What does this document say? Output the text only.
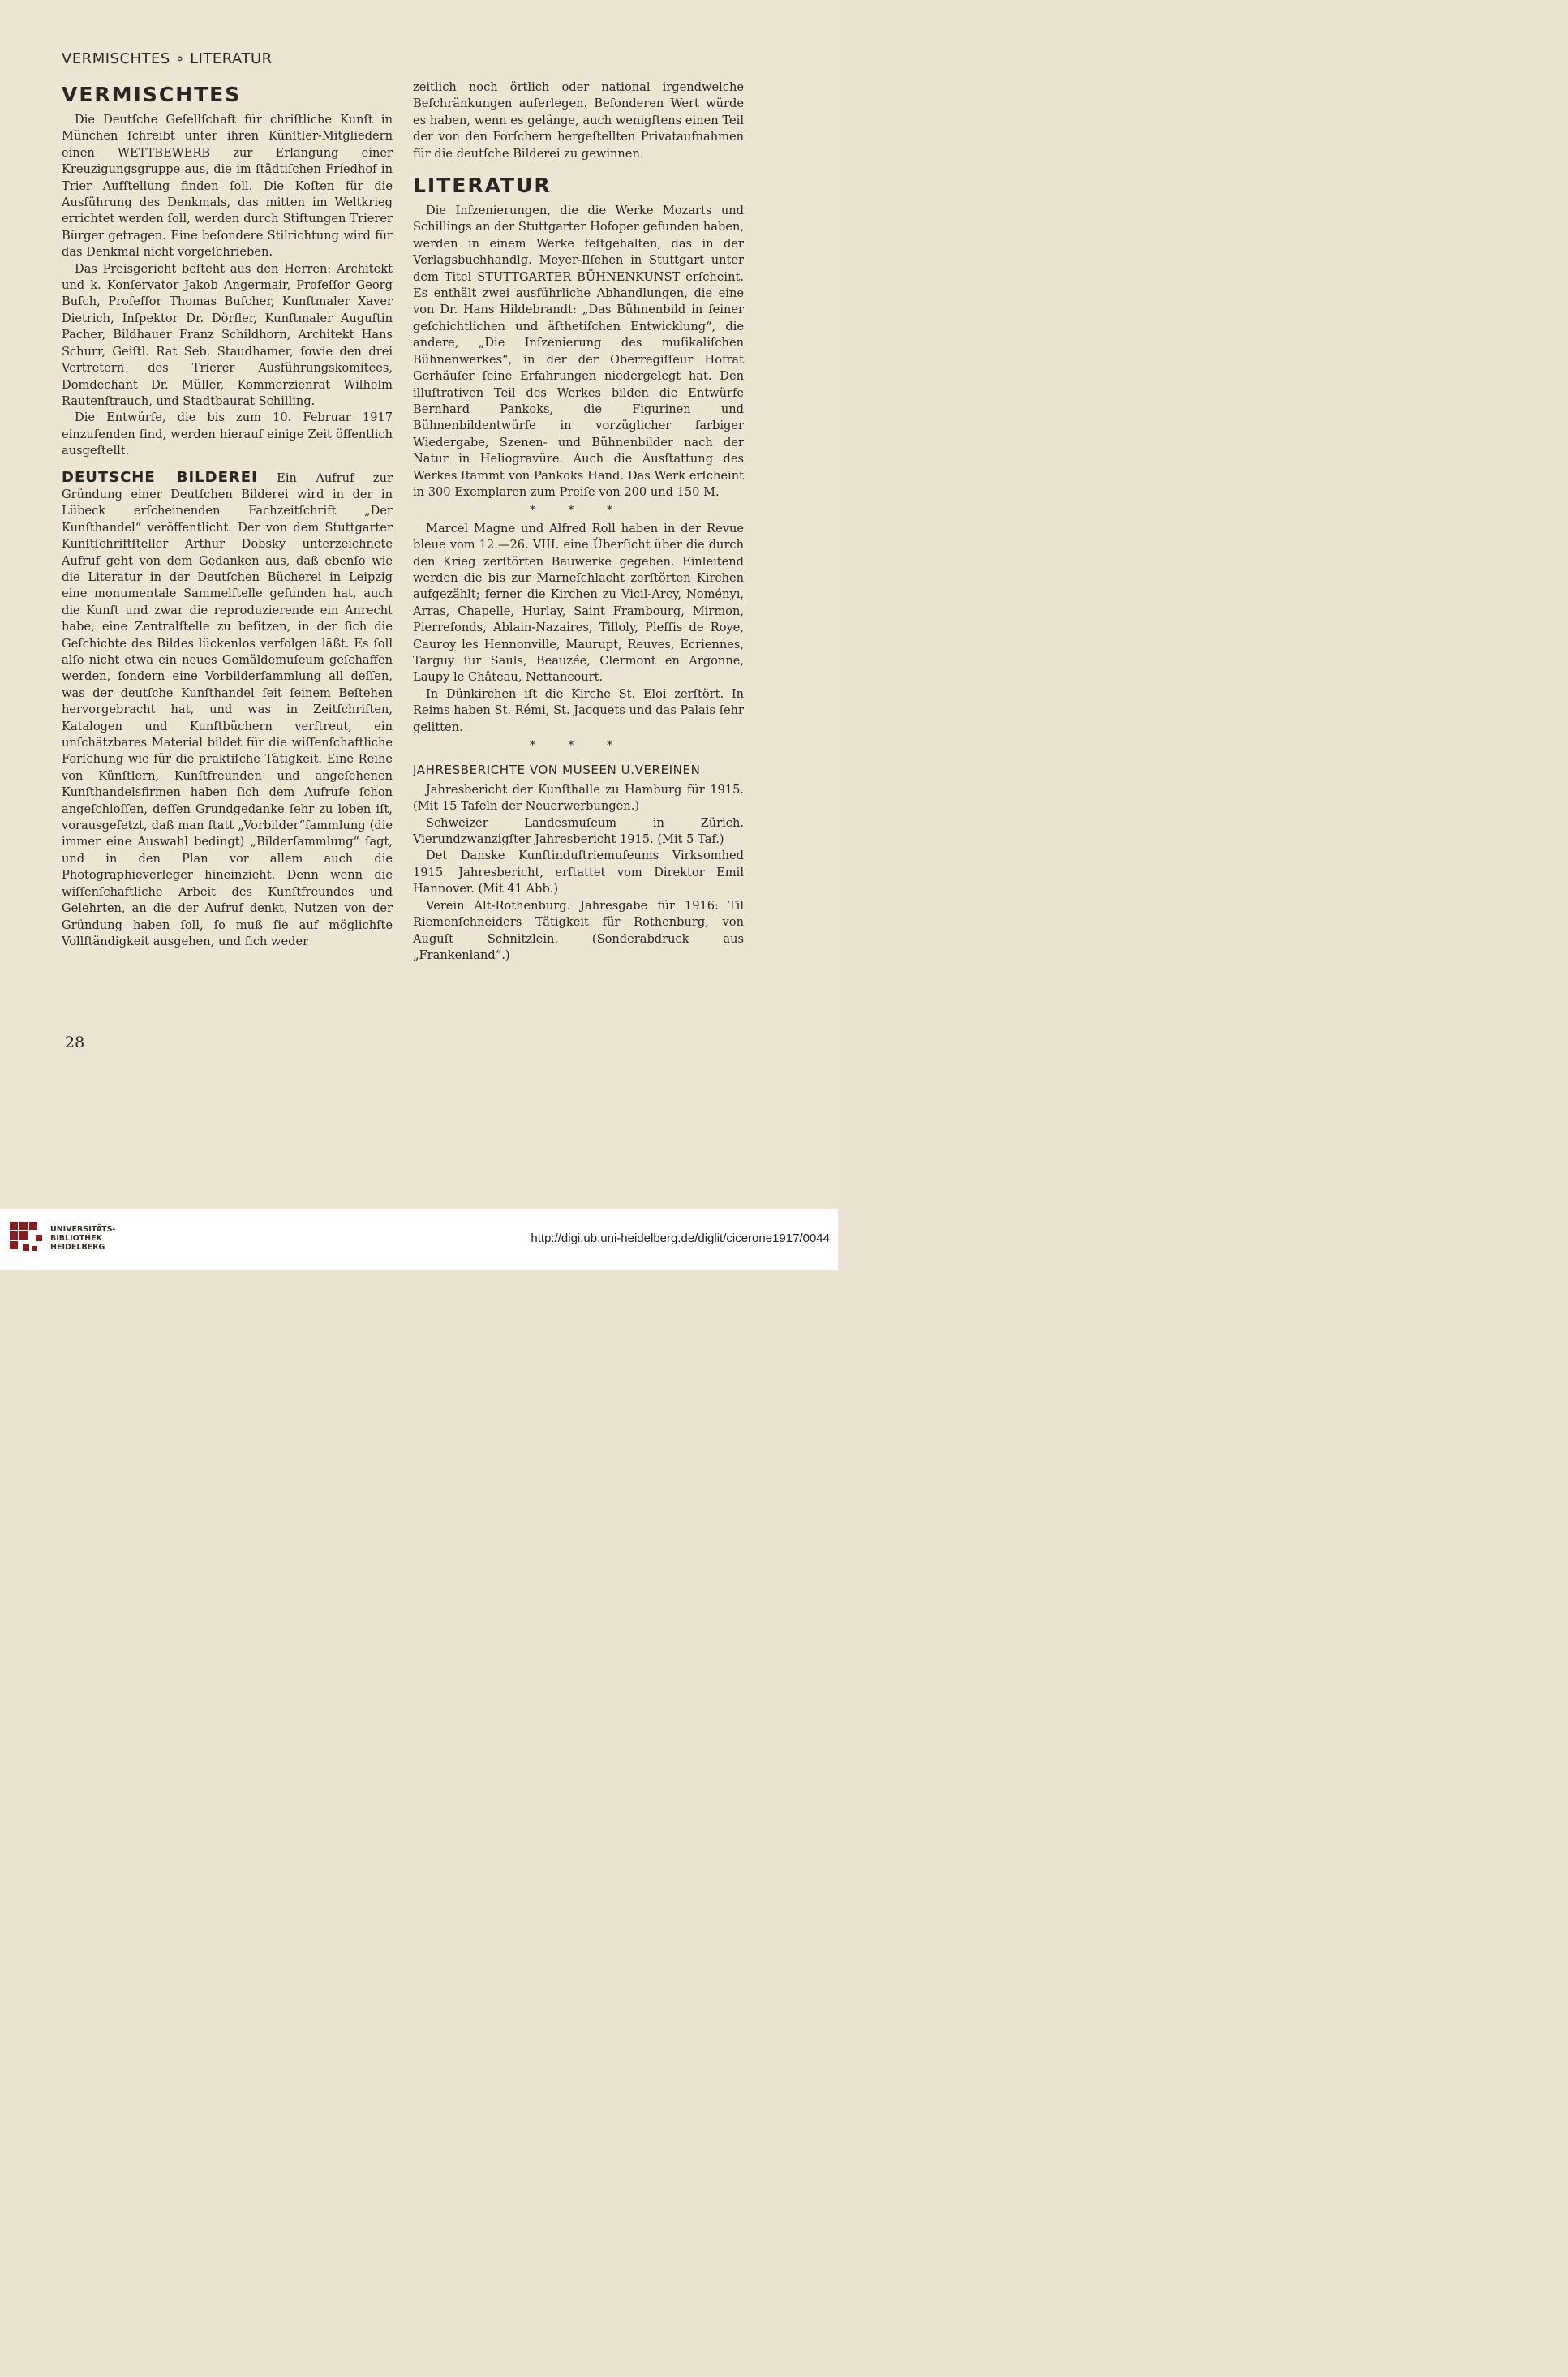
VERMISCHTES ∘ LITERATUR
VERMISCHTES

Die Deutſche Geſellſchaft für chriſtliche Kunſt in München ſchreibt unter ihren Künſtler-Mitgliedern einen WETTBEWERB zur Erlangung einer Kreuzigungsgruppe aus, die im ſtädtiſchen Friedhof in Trier Aufſtellung finden ſoll. Die Koſten für die Ausführung des Denkmals, das mitten im Weltkrieg errichtet werden ſoll, werden durch Stiftungen Trierer Bürger getragen. Eine beſondere Stilrichtung wird für das Denkmal nicht vorgeſchrieben.

Das Preisgericht beſteht aus den Herren: Architekt und k. Konſervator Jakob Angermair, Profeſſor Georg Buſch, Profeſſor Thomas Buſcher, Kunſtmaler Xaver Dietrich, Inſpektor Dr. Dörfler, Kunſtmaler Auguſtin Pacher, Bildhauer Franz Schildhorn, Architekt Hans Schurr, Geiſtl. Rat Seb. Staudhamer, ſowie den drei Vertretern des Trierer Ausführungskomitees, Domdechant Dr. Müller, Kommerzienrat Wilhelm Rautenſtrauch, und Stadtbaurat Schilling.

Die Entwürfe, die bis zum 10. Februar 1917 einzuſenden ſind, werden hierauf einige Zeit öffentlich ausgeſtellt.

DEUTSCHE BILDEREI Ein Aufruf zur Gründung einer Deutſchen Bilderei wird in der in Lübeck erſcheinenden Fachzeitſchrift „Der Kunſthandel“ veröffentlicht. Der von dem Stuttgarter Kunſtſchriftſteller Arthur Dobsky unterzeichnete Aufruf geht von dem Gedanken aus, daß ebenſo wie die Literatur in der Deutſchen Bücherei in Leipzig eine monumentale Sammelſtelle gefunden hat, auch die Kunſt und zwar die reproduzierende ein Anrecht habe, eine Zentralſtelle zu beſitzen, in der ſich die Geſchichte des Bildes lückenlos verfolgen läßt. Es ſoll alſo nicht etwa ein neues Gemäldemuſeum geſchaffen werden, ſondern eine Vorbilderſammlung all deſſen, was der deutſche Kunſthandel ſeit ſeinem Beſtehen hervorgebracht hat, und was in Zeitſchriften, Katalogen und Kunſtbüchern verſtreut, ein unſchätzbares Material bildet für die wiſſenſchaftliche Forſchung wie für die praktiſche Tätigkeit. Eine Reihe von Künſtlern, Kunſtfreunden und angeſehenen Kunſthandelsfirmen haben ſich dem Aufrufe ſchon angeſchloſſen, deſſen Grundgedanke ſehr zu loben iſt, vorausgeſetzt, daß man ſtatt „Vorbilder“ſammlung (die immer eine Auswahl bedingt) „Bilderſammlung“ ſagt, und in den Plan vor allem auch die Photographieverleger hineinzieht. Denn wenn die wiſſenſchaftliche Arbeit des Kunſtfreundes und Gelehrten, an die der Aufruf denkt, Nutzen von der Gründung haben ſoll, ſo muß ſie auf möglichſte Vollſtändigkeit ausgehen, und ſich weder

zeitlich noch örtlich oder national irgendwelche Beſchränkungen auferlegen. Beſonderen Wert würde es haben, wenn es gelänge, auch wenigſtens einen Teil der von den Forſchern hergeſtellten Privataufnahmen für die deutſche Bilderei zu gewinnen.

LITERATUR

Die Inſzenierungen, die die Werke Mozarts und Schillings an der Stuttgarter Hofoper gefunden haben, werden in einem Werke feſtgehalten, das in der Verlagsbuchhandlg. Meyer-Ilſchen in Stuttgart unter dem Titel STUTTGARTER BÜHNENKUNST erſcheint. Es enthält zwei ausführliche Abhandlungen, die eine von Dr. Hans Hildebrandt: „Das Bühnenbild in ſeiner geſchichtlichen und äſthetiſchen Entwicklung“, die andere, „Die Inſzenierung des muſikaliſchen Bühnenwerkes“, in der der Oberregiſſeur Hofrat Gerhäuſer ſeine Erfahrungen niedergelegt hat. Den illuſtrativen Teil des Werkes bilden die Entwürfe Bernhard Pankoks, die Figurinen und Bühnenbildentwürfe in vorzüglicher farbiger Wiedergabe, Szenen- und Bühnenbilder nach der Natur in Heliogravüre. Auch die Ausſtattung des Werkes ſtammt von Pankoks Hand. Das Werk erſcheint in 300 Exemplaren zum Preiſe von 200 und 150 M.

* * *

Marcel Magne und Alfred Roll haben in der Revue bleue vom 12.—26. VIII. eine Überſicht über die durch den Krieg zerſtörten Bauwerke gegeben. Einleitend werden die bis zur Marneſchlacht zerſtörten Kirchen aufgezählt; ferner die Kirchen zu Vicil-Arcy, Noményı, Arras, Chapelle, Hurlay, Saint Frambourg, Mirmon, Pierrefonds, Ablain-Nazaires, Tilloly, Pleſſis de Roye, Cauroy les Hennonville, Maurupt, Reuves, Ecriennes, Targuy ſur Sauls, Beauzée, Clermont en Argonne, Laupy le Château, Nettancourt.

In Dünkirchen iſt die Kirche St. Eloi zerſtört. In Reims haben St. Rémi, St. Jacquets und das Palais ſehr gelitten.

* * *
JAHRESBERICHTE VON MUSEEN U.VEREINEN

Jahresbericht der Kunſthalle zu Hamburg für 1915. (Mit 15 Tafeln der Neuerwerbungen.)

Schweizer Landesmuſeum in Zürich. Vierundzwanzigſter Jahresbericht 1915. (Mit 5 Taf.)

Det Danske Kunſtinduſtriemuſeums Virksomhed 1915. Jahresbericht, erſtattet vom Direktor Emil Hannover. (Mit 41 Abb.)

Verein Alt-Rothenburg. Jahresgabe für 1916: Til Riemenſchneiders Tätigkeit für Rothenburg, von Auguſt Schnitzlein. (Sonderabdruck aus „Frankenland“.)

28
UNIVERSITÄTS-
BIBLIOTHEK
HEIDELBERG
http://digi.ub.uni-heidelberg.de/diglit/cicerone1917/0044
